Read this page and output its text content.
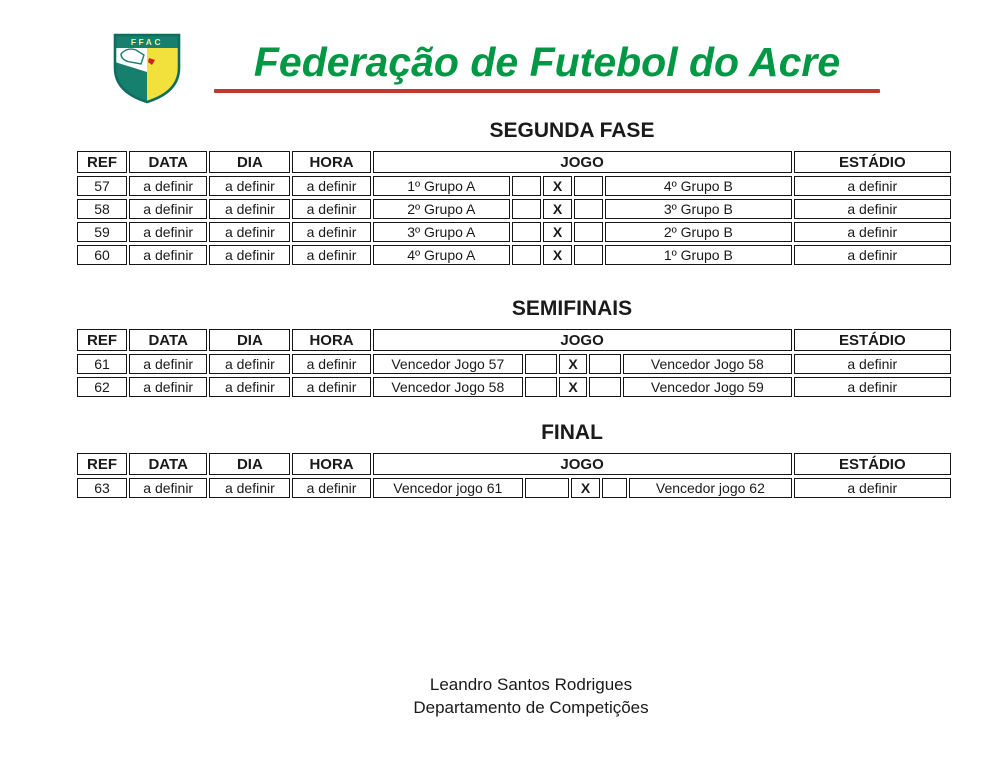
FFAC	Federação de Futebol do Acre
SEGUNDA FASE
REF	DATA	DIA	HORA	JOGO					ESTÁDIO
57	a definir	a definir	a definir	1º Grupo A		X		4º Grupo B	a definir
58	a definir	a definir	a definir	2º Grupo A		X		3º Grupo B	a definir
59	a definir	a definir	a definir	3º Grupo A		X		2º Grupo B	a definir
60	a definir	a definir	a definir	4º Grupo A		X		1º Grupo B	a definir
SEMIFINAIS
REF	DATA	DIA	HORA	JOGO					ESTÁDIO
61	a definir	a definir	a definir	Vencedor Jogo 57		X		Vencedor Jogo 58	a definir
62	a definir	a definir	a definir	Vencedor Jogo 58		X		Vencedor Jogo 59	a definir
FINAL
REF	DATA	DIA	HORA	JOGO					ESTÁDIO
63	a definir	a definir	a definir	Vencedor jogo 61		X		Vencedor jogo 62	a definir
Leandro Santos Rodrigues
Departamento de Competições
